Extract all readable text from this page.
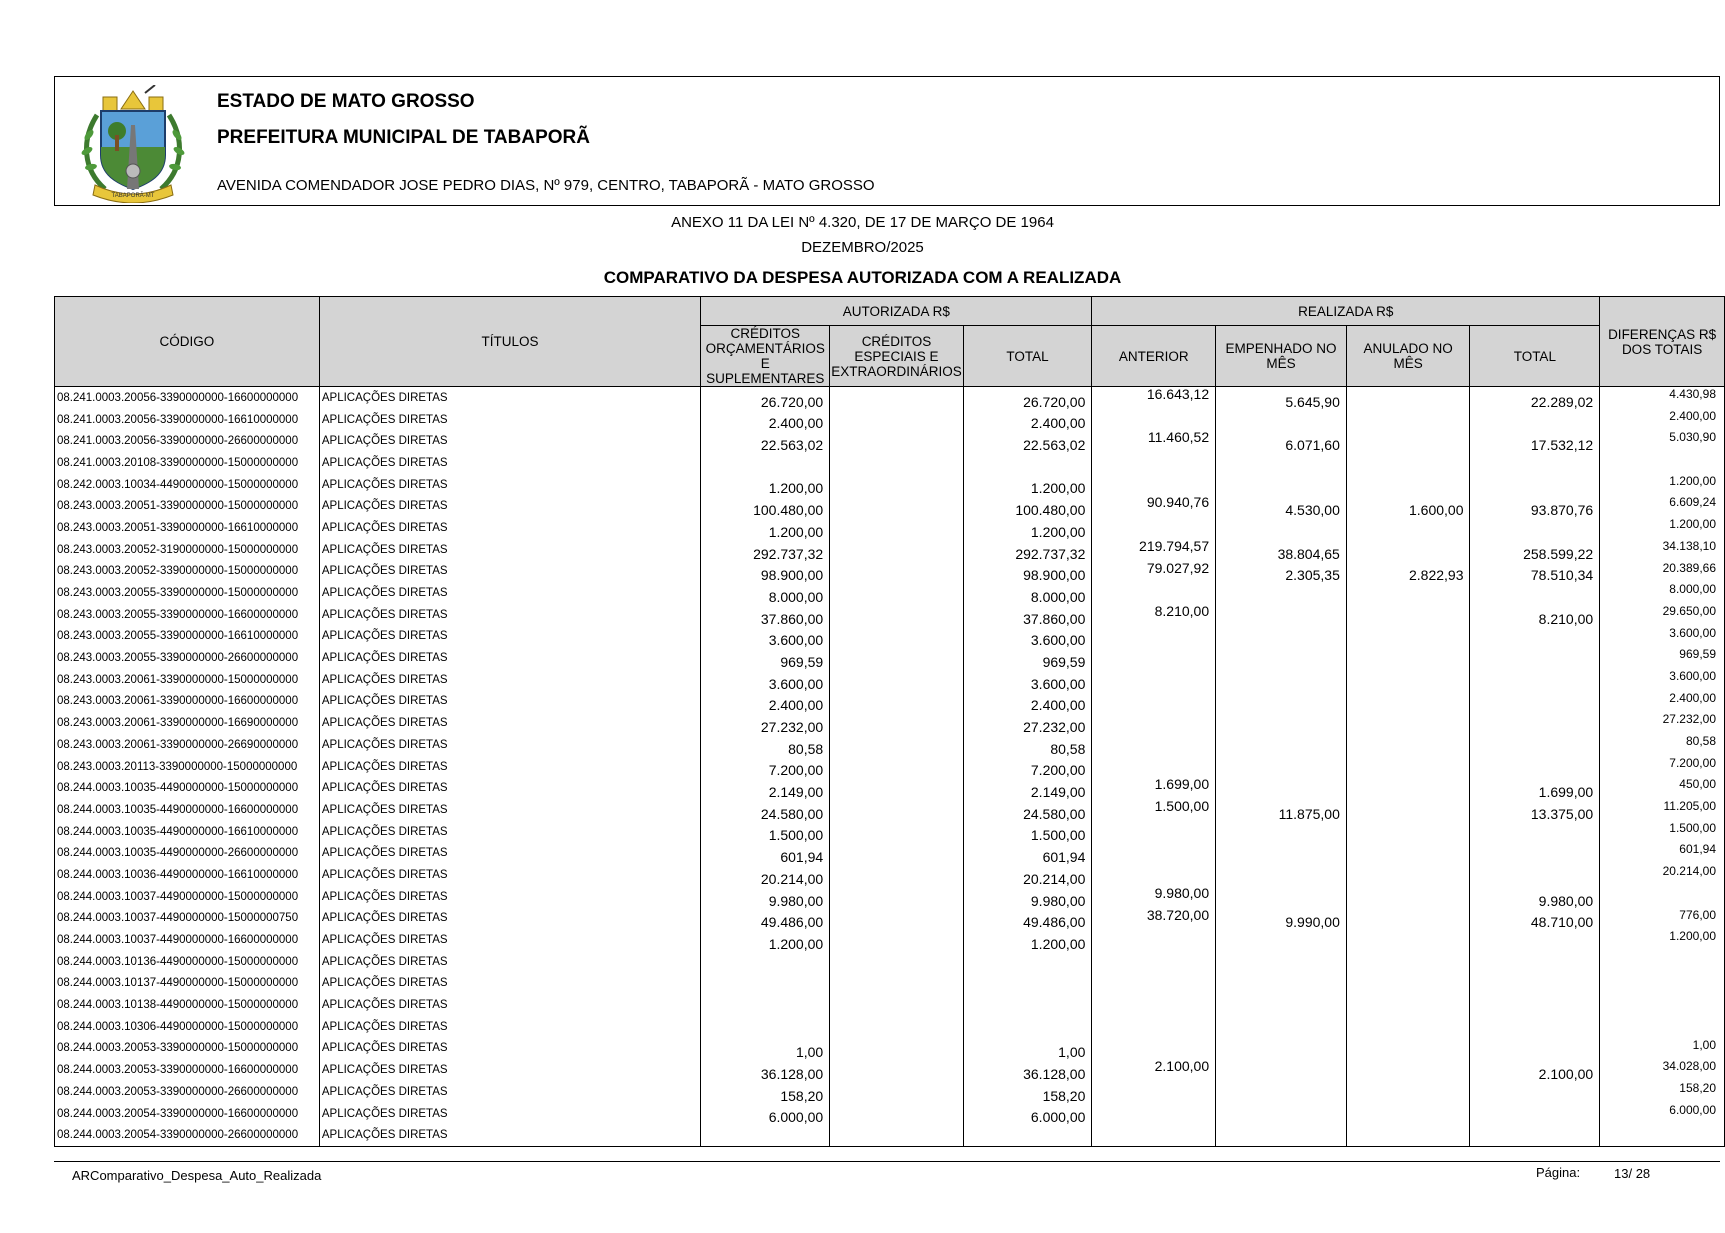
TABAPORÃ-MT
ESTADO DE MATO GROSSO
PREFEITURA MUNICIPAL DE TABAPORÃ
AVENIDA COMENDADOR JOSE PEDRO DIAS, Nº 979, CENTRO, TABAPORÃ - MATO GROSSO
ANEXO 11 DA LEI Nº 4.320, DE 17 DE MARÇO DE 1964
DEZEMBRO/2025
COMPARATIVO DA DESPESA AUTORIZADA COM A REALIZADA
CÓDIGO	TÍTULOS	AUTORIZADA R$			REALIZADA R$				DIFERENÇAS R$ DOS TOTAIS
		CRÉDITOS ORÇAMENTÁRIOS E SUPLEMENTARES	CRÉDITOS ESPECIAIS E EXTRAORDINÁRIOS	TOTAL	ANTERIOR	EMPENHADO NO MÊS	ANULADO NO MÊS	TOTAL	
08.241.0003.20056-3390000000-16600000000	APLICAÇÕES DIRETAS	26.720,00		26.720,00	16.643,12	5.645,90		22.289,02	4.430,98
08.241.0003.20056-3390000000-16610000000	APLICAÇÕES DIRETAS	2.400,00		2.400,00					2.400,00
08.241.0003.20056-3390000000-26600000000	APLICAÇÕES DIRETAS	22.563,02		22.563,02	11.460,52	6.071,60		17.532,12	5.030,90
08.241.0003.20108-3390000000-15000000000	APLICAÇÕES DIRETAS								
08.242.0003.10034-4490000000-15000000000	APLICAÇÕES DIRETAS	1.200,00		1.200,00					1.200,00
08.243.0003.20051-3390000000-15000000000	APLICAÇÕES DIRETAS	100.480,00		100.480,00	90.940,76	4.530,00	1.600,00	93.870,76	6.609,24
08.243.0003.20051-3390000000-16610000000	APLICAÇÕES DIRETAS	1.200,00		1.200,00					1.200,00
08.243.0003.20052-3190000000-15000000000	APLICAÇÕES DIRETAS	292.737,32		292.737,32	219.794,57	38.804,65		258.599,22	34.138,10
08.243.0003.20052-3390000000-15000000000	APLICAÇÕES DIRETAS	98.900,00		98.900,00	79.027,92	2.305,35	2.822,93	78.510,34	20.389,66
08.243.0003.20055-3390000000-15000000000	APLICAÇÕES DIRETAS	8.000,00		8.000,00					8.000,00
08.243.0003.20055-3390000000-16600000000	APLICAÇÕES DIRETAS	37.860,00		37.860,00	8.210,00			8.210,00	29.650,00
08.243.0003.20055-3390000000-16610000000	APLICAÇÕES DIRETAS	3.600,00		3.600,00					3.600,00
08.243.0003.20055-3390000000-26600000000	APLICAÇÕES DIRETAS	969,59		969,59					969,59
08.243.0003.20061-3390000000-15000000000	APLICAÇÕES DIRETAS	3.600,00		3.600,00					3.600,00
08.243.0003.20061-3390000000-16600000000	APLICAÇÕES DIRETAS	2.400,00		2.400,00					2.400,00
08.243.0003.20061-3390000000-16690000000	APLICAÇÕES DIRETAS	27.232,00		27.232,00					27.232,00
08.243.0003.20061-3390000000-26690000000	APLICAÇÕES DIRETAS	80,58		80,58					80,58
08.243.0003.20113-3390000000-15000000000	APLICAÇÕES DIRETAS	7.200,00		7.200,00					7.200,00
08.244.0003.10035-4490000000-15000000000	APLICAÇÕES DIRETAS	2.149,00		2.149,00	1.699,00			1.699,00	450,00
08.244.0003.10035-4490000000-16600000000	APLICAÇÕES DIRETAS	24.580,00		24.580,00	1.500,00	11.875,00		13.375,00	11.205,00
08.244.0003.10035-4490000000-16610000000	APLICAÇÕES DIRETAS	1.500,00		1.500,00					1.500,00
08.244.0003.10035-4490000000-26600000000	APLICAÇÕES DIRETAS	601,94		601,94					601,94
08.244.0003.10036-4490000000-16610000000	APLICAÇÕES DIRETAS	20.214,00		20.214,00					20.214,00
08.244.0003.10037-4490000000-15000000000	APLICAÇÕES DIRETAS	9.980,00		9.980,00	9.980,00			9.980,00	
08.244.0003.10037-4490000000-15000000750	APLICAÇÕES DIRETAS	49.486,00		49.486,00	38.720,00	9.990,00		48.710,00	776,00
08.244.0003.10037-4490000000-16600000000	APLICAÇÕES DIRETAS	1.200,00		1.200,00					1.200,00
08.244.0003.10136-4490000000-15000000000	APLICAÇÕES DIRETAS								
08.244.0003.10137-4490000000-15000000000	APLICAÇÕES DIRETAS								
08.244.0003.10138-4490000000-15000000000	APLICAÇÕES DIRETAS								
08.244.0003.10306-4490000000-15000000000	APLICAÇÕES DIRETAS								
08.244.0003.20053-3390000000-15000000000	APLICAÇÕES DIRETAS	1,00		1,00					1,00
08.244.0003.20053-3390000000-16600000000	APLICAÇÕES DIRETAS	36.128,00		36.128,00	2.100,00			2.100,00	34.028,00
08.244.0003.20053-3390000000-26600000000	APLICAÇÕES DIRETAS	158,20		158,20					158,20
08.244.0003.20054-3390000000-16600000000	APLICAÇÕES DIRETAS	6.000,00		6.000,00					6.000,00
08.244.0003.20054-3390000000-26600000000	APLICAÇÕES DIRETAS								
ARComparativo_Despesa_Auto_Realizada	Página:	13/ 28
